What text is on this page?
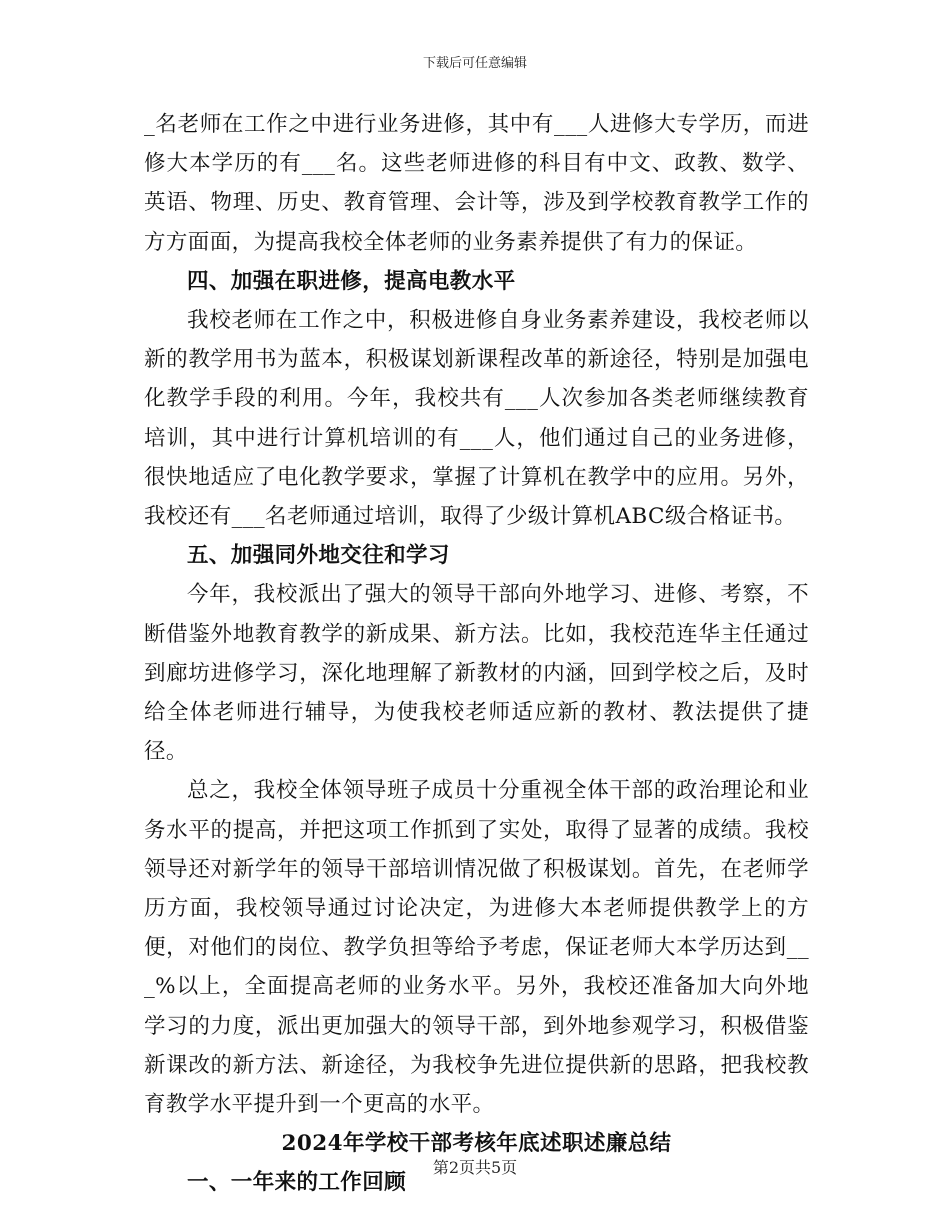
下载后可任意编辑

_名老师在工作之中进行业务进修，其中有___人进修大专学历，而进修大本学历的有___名。这些老师进修的科目有中文、政教、数学、英语、物理、历史、教育管理、会计等，涉及到学校教育教学工作的方方面面，为提高我校全体老师的业务素养提供了有力的保证。

四、加强在职进修，提高电教水平

我校老师在工作之中，积极进修自身业务素养建设，我校老师以新的教学用书为蓝本，积极谋划新课程改革的新途径，特别是加强电化教学手段的利用。今年，我校共有___人次参加各类老师继续教育培训，其中进行计算机培训的有___人，他们通过自己的业务进修，很快地适应了电化教学要求，掌握了计算机在教学中的应用。另外，我校还有___名老师通过培训，取得了少级计算机ABC级合格证书。

五、加强同外地交往和学习

今年，我校派出了强大的领导干部向外地学习、进修、考察，不断借鉴外地教育教学的新成果、新方法。比如，我校范连华主任通过到廊坊进修学习，深化地理解了新教材的内涵，回到学校之后，及时给全体老师进行辅导，为使我校老师适应新的教材、教法提供了捷径。

总之，我校全体领导班子成员十分重视全体干部的政治理论和业务水平的提高，并把这项工作抓到了实处，取得了显著的成绩。我校领导还对新学年的领导干部培训情况做了积极谋划。首先，在老师学历方面，我校领导通过讨论决定，为进修大本老师提供教学上的方便，对他们的岗位、教学负担等给予考虑，保证老师大本学历达到___%以上，全面提高老师的业务水平。另外，我校还准备加大向外地学习的力度，派出更加强大的领导干部，到外地参观学习，积极借鉴新课改的新方法、新途径，为我校争先进位提供新的思路，把我校教育教学水平提升到一个更高的水平。

2024年学校干部考核年底述职述廉总结

一、一年来的工作回顾

第2页共5页
